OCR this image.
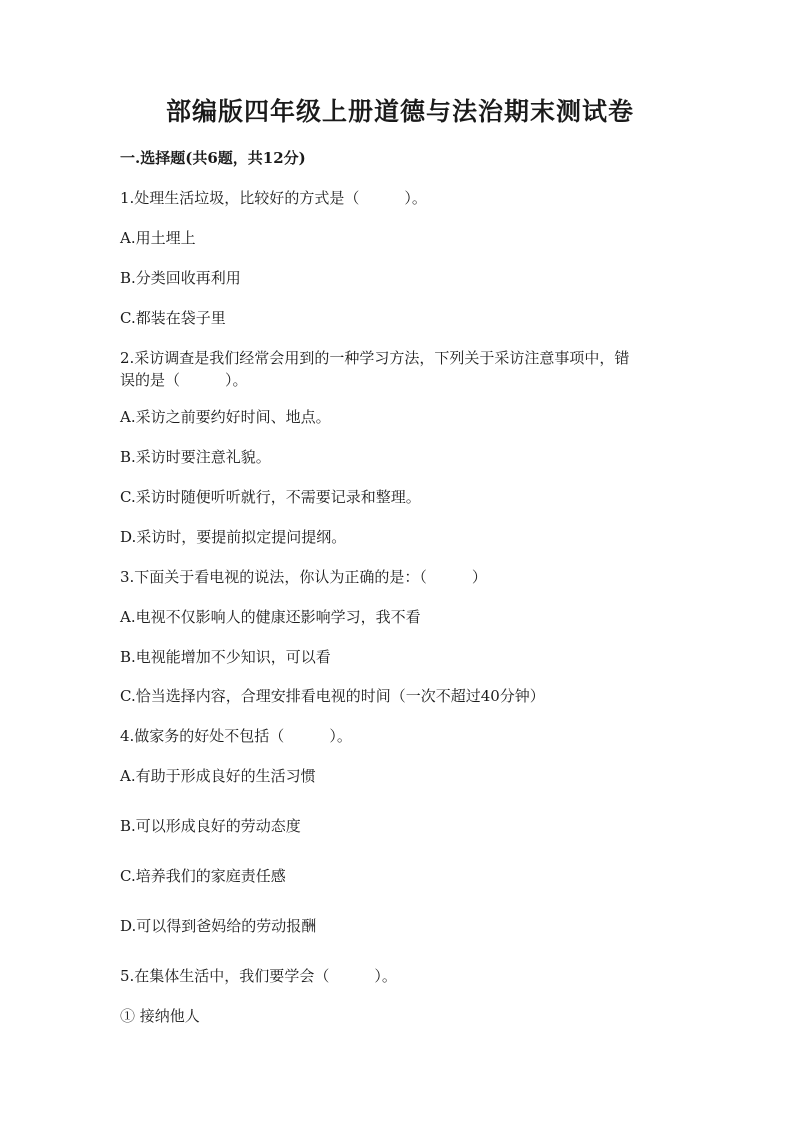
部编版四年级上册道德与法治期末测试卷
一.选择题(共6题，共12分)
1.处理生活垃圾，比较好的方式是（　　　）。
A.用土埋上
B.分类回收再利用
C.都装在袋子里
2.采访调查是我们经常会用到的一种学习方法，下列关于采访注意事项中，错
误的是（　　　）。
A.采访之前要约好时间、地点。
B.采访时要注意礼貌。
C.采访时随便听听就行，不需要记录和整理。
D.采访时，要提前拟定提问提纲。
3.下面关于看电视的说法，你认为正确的是：（　　　）
A.电视不仅影响人的健康还影响学习，我不看
B.电视能增加不少知识，可以看
C.恰当选择内容，合理安排看电视的时间（一次不超过40分钟）
4.做家务的好处不包括（　　　）。
A.有助于形成良好的生活习惯
B.可以形成良好的劳动态度
C.培养我们的家庭责任感
D.可以得到爸妈给的劳动报酬
5.在集体生活中，我们要学会（　　　）。
① 接纳他人
